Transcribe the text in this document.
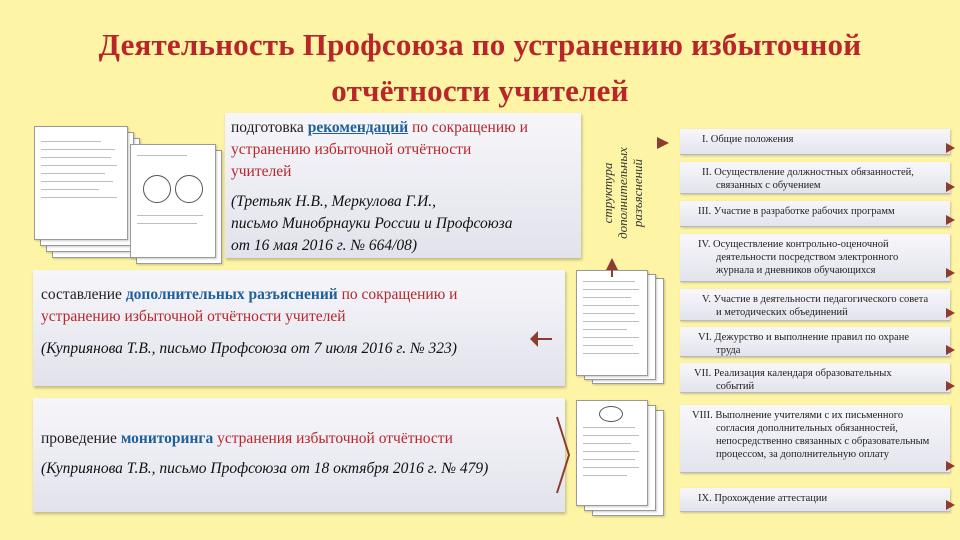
Деятельность Профсоюза по устранению избыточной отчётности учителей
подготовка рекомендаций по сокращению и
устранению избыточной отчётности
учителей
(Третьяк Н.В., Меркулова Г.И.,
письмо Минобрнауки России и Профсоюза
от 16 мая 2016 г. № 664/08)
составление дополнительных разъяснений по сокращению и
устранению избыточной отчётности учителей
(Куприянова Т.В., письмо Профсоюза от 7 июля 2016 г. № 323)
проведение мониторинга устранения избыточной отчётности
(Куприянова Т.В., письмо Профсоюза от 18 октября 2016 г. № 479)
структура дополнительных разъяснений
I. Общие положения
II. Осуществление должностных обязанностей,
связанных с обучением
III. Участие в разработке рабочих программ
IV. Осуществление контрольно-оценочной
деятельности посредством электронного
журнала и дневников обучающихся
V. Участие в деятельности педагогического совета
и методических объединений
VI. Дежурство и выполнение правил по охране
труда
VII. Реализация календаря образовательных
событий
VIII. Выполнение учителями с их письменного
согласия дополнительных обязанностей,
непосредственно связанных с образовательным
процессом, за дополнительную оплату
IX. Прохождение аттестации
